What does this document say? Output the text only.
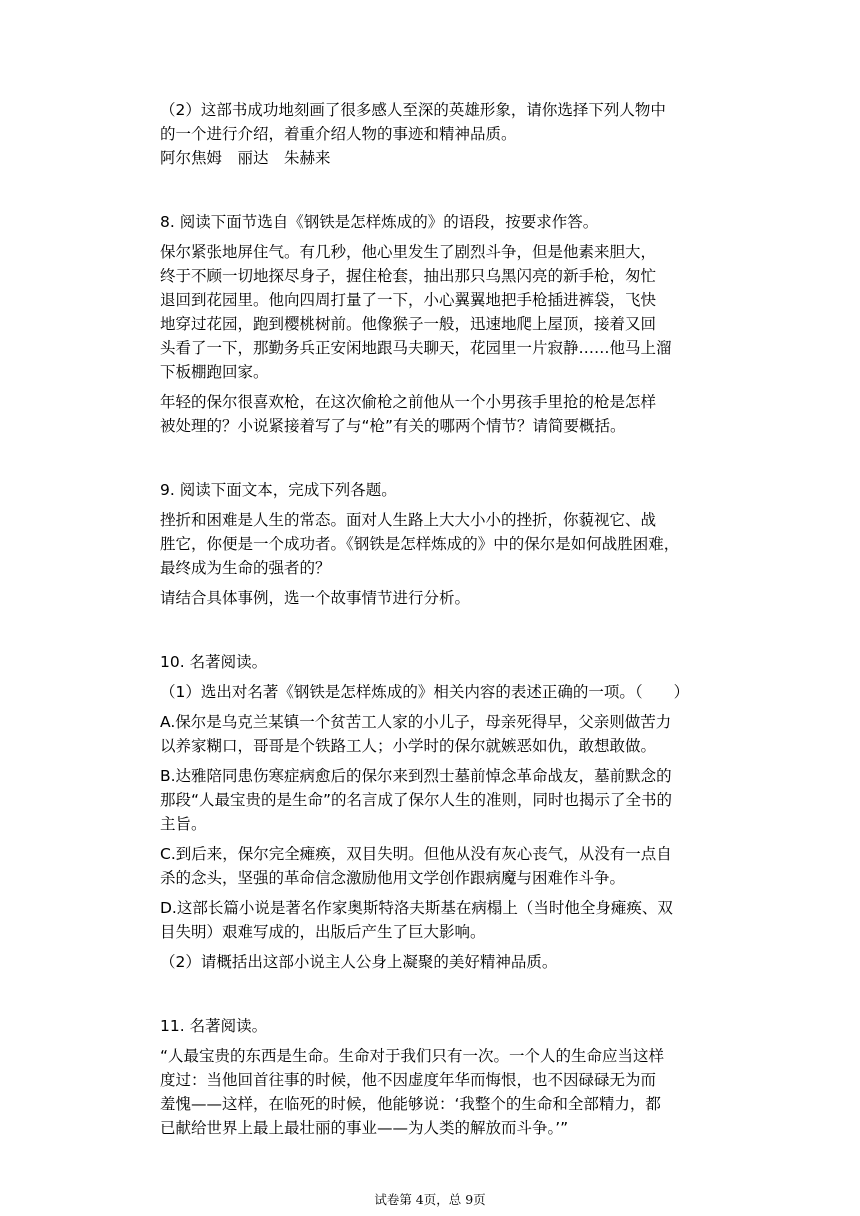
（2）这部书成功地刻画了很多感人至深的英雄形象，请你选择下列人物中
的一个进行介绍，着重介绍人物的事迹和精神品质。
阿尔焦姆　丽达　朱赫来
8. 阅读下面节选自《钢铁是怎样炼成的》的语段，按要求作答。
保尔紧张地屏住气。有几秒，他心里发生了剧烈斗争，但是他素来胆大，
终于不顾一切地探尽身子，握住枪套，抽出那只乌黑闪亮的新手枪，匆忙
退回到花园里。他向四周打量了一下，小心翼翼地把手枪插进裤袋，飞快
地穿过花园，跑到樱桃树前。他像猴子一般，迅速地爬上屋顶，接着又回
头看了一下，那勤务兵正安闲地跟马夫聊天，花园里一片寂静……他马上溜
下板棚跑回家。
年轻的保尔很喜欢枪，在这次偷枪之前他从一个小男孩手里抢的枪是怎样
被处理的？小说紧接着写了与“枪”有关的哪两个情节？请简要概括。
9. 阅读下面文本，完成下列各题。
挫折和困难是人生的常态。面对人生路上大大小小的挫折，你藐视它、战
胜它，你便是一个成功者。《钢铁是怎样炼成的》中的保尔是如何战胜困难，
最终成为生命的强者的？
请结合具体事例，选一个故事情节进行分析。
10. 名著阅读。
（1）选出对名著《钢铁是怎样炼成的》相关内容的表述正确的一项。（　　）
A.保尔是乌克兰某镇一个贫苦工人家的小儿子，母亲死得早，父亲则做苦力
以养家糊口，哥哥是个铁路工人；小学时的保尔就嫉恶如仇，敢想敢做。
B.达雅陪同患伤寒症病愈后的保尔来到烈士墓前悼念革命战友，墓前默念的
那段“人最宝贵的是生命”的名言成了保尔人生的准则，同时也揭示了全书的
主旨。
C.到后来，保尔完全瘫痪，双目失明。但他从没有灰心丧气，从没有一点自
杀的念头，坚强的革命信念激励他用文学创作跟病魔与困难作斗争。
D.这部长篇小说是著名作家奥斯特洛夫斯基在病榻上（当时他全身瘫痪、双
目失明）艰难写成的，出版后产生了巨大影响。
（2）请概括出这部小说主人公身上凝聚的美好精神品质。
11. 名著阅读。
“人最宝贵的东西是生命。生命对于我们只有一次。一个人的生命应当这样
度过：当他回首往事的时候，他不因虚度年华而悔恨，也不因碌碌无为而
羞愧——这样，在临死的时候，他能够说：‘我整个的生命和全部精力，都
已献给世界上最上最壮丽的事业——为人类的解放而斗争。’”
试卷第 4页，总 9页
